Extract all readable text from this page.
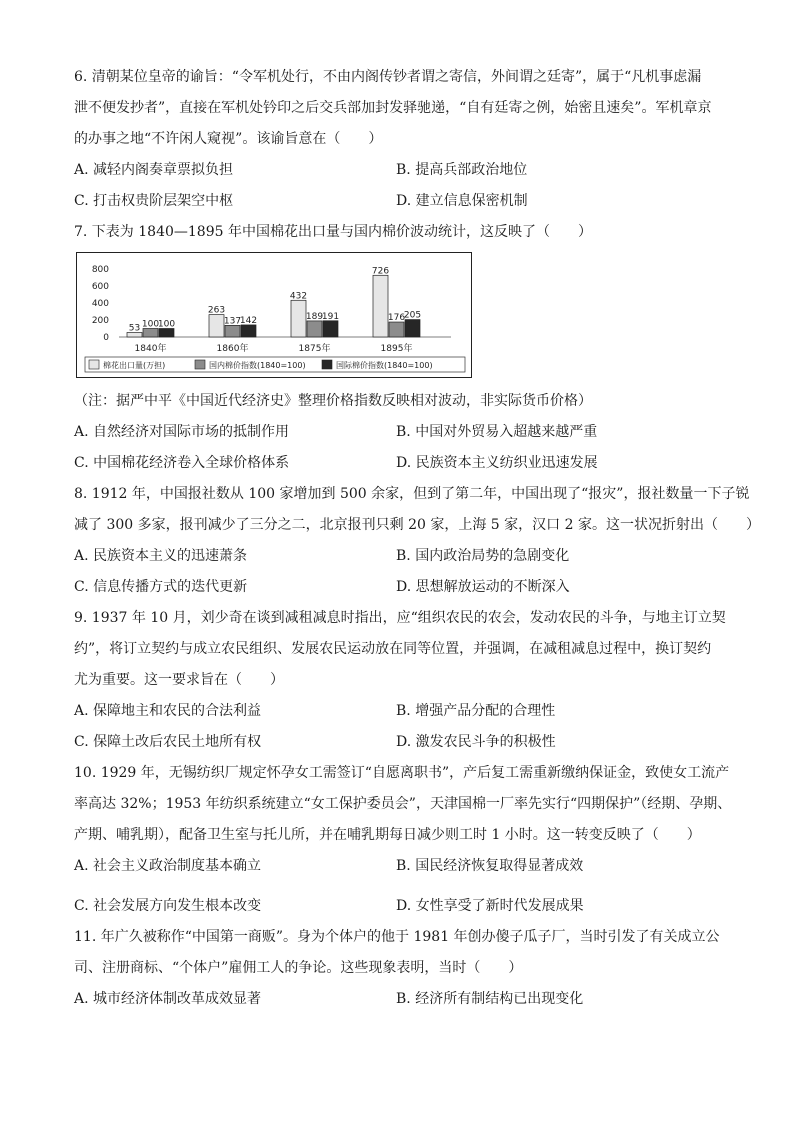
6. 清朝某位皇帝的谕旨：“令军机处行，不由内阁传钞者谓之寄信，外间谓之廷寄”，属于“凡机事虑漏
泄不便发抄者”，直接在军机处钤印之后交兵部加封发驿驰递，“自有廷寄之例，始密且速矣”。军机章京
的办事之地“不许闲人窥视”。该谕旨意在（　　）
A. 减轻内阁奏章票拟负担	B. 提高兵部政治地位
C. 打击权贵阶层架空中枢	D. 建立信息保密机制
7. 下表为 1840—1895 年中国棉花出口量与国内棉价波动统计，这反映了（　　）
800
600
400
200
0
53 100
100
1840年
263
137
142
1860年
432
189
191
1875年
726
176
205
1895年
棉花出口量(万担)	国内棉价指数(1840=100)	国际棉价指数(1840=100)
（注：据严中平《中国近代经济史》整理价格指数反映相对波动，非实际货币价格）
A. 自然经济对国际市场的抵制作用	B. 中国对外贸易入超越来越严重
C. 中国棉花经济卷入全球价格体系	D. 民族资本主义纺织业迅速发展
8. 1912 年，中国报社数从 100 家增加到 500 余家，但到了第二年，中国出现了“报灾”，报社数量一下子锐
减了 300 多家，报刊减少了三分之二，北京报刊只剩 20 家，上海 5 家，汉口 2 家。这一状况折射出（　　）
A. 民族资本主义的迅速萧条	B. 国内政治局势的急剧变化
C. 信息传播方式的迭代更新	D. 思想解放运动的不断深入
9. 1937 年 10 月，刘少奇在谈到减租减息时指出，应“组织农民的农会，发动农民的斗争，与地主订立契
约”，将订立契约与成立农民组织、发展农民运动放在同等位置，并强调，在减租减息过程中，换订契约
尤为重要。这一要求旨在（　　）
A. 保障地主和农民的合法利益	B. 增强产品分配的合理性
C. 保障土改后农民土地所有权	D. 激发农民斗争的积极性
10. 1929 年，无锡纺织厂规定怀孕女工需签订“自愿离职书”，产后复工需重新缴纳保证金，致使女工流产
率高达 32%；1953 年纺织系统建立“女工保护委员会”，天津国棉一厂率先实行“四期保护”（经期、孕期、
产期、哺乳期），配备卫生室与托儿所，并在哺乳期每日减少则工时 1 小时。这一转变反映了（　　）
A. 社会主义政治制度基本确立	B. 国民经济恢复取得显著成效
C. 社会发展方向发生根本改变	D. 女性享受了新时代发展成果
11. 年广久被称作“中国第一商贩”。身为个体户的他于 1981 年创办傻子瓜子厂，当时引发了有关成立公
司、注册商标、“个体户”雇佣工人的争论。这些现象表明，当时（　　）
A. 城市经济体制改革成效显著	B. 经济所有制结构已出现变化
